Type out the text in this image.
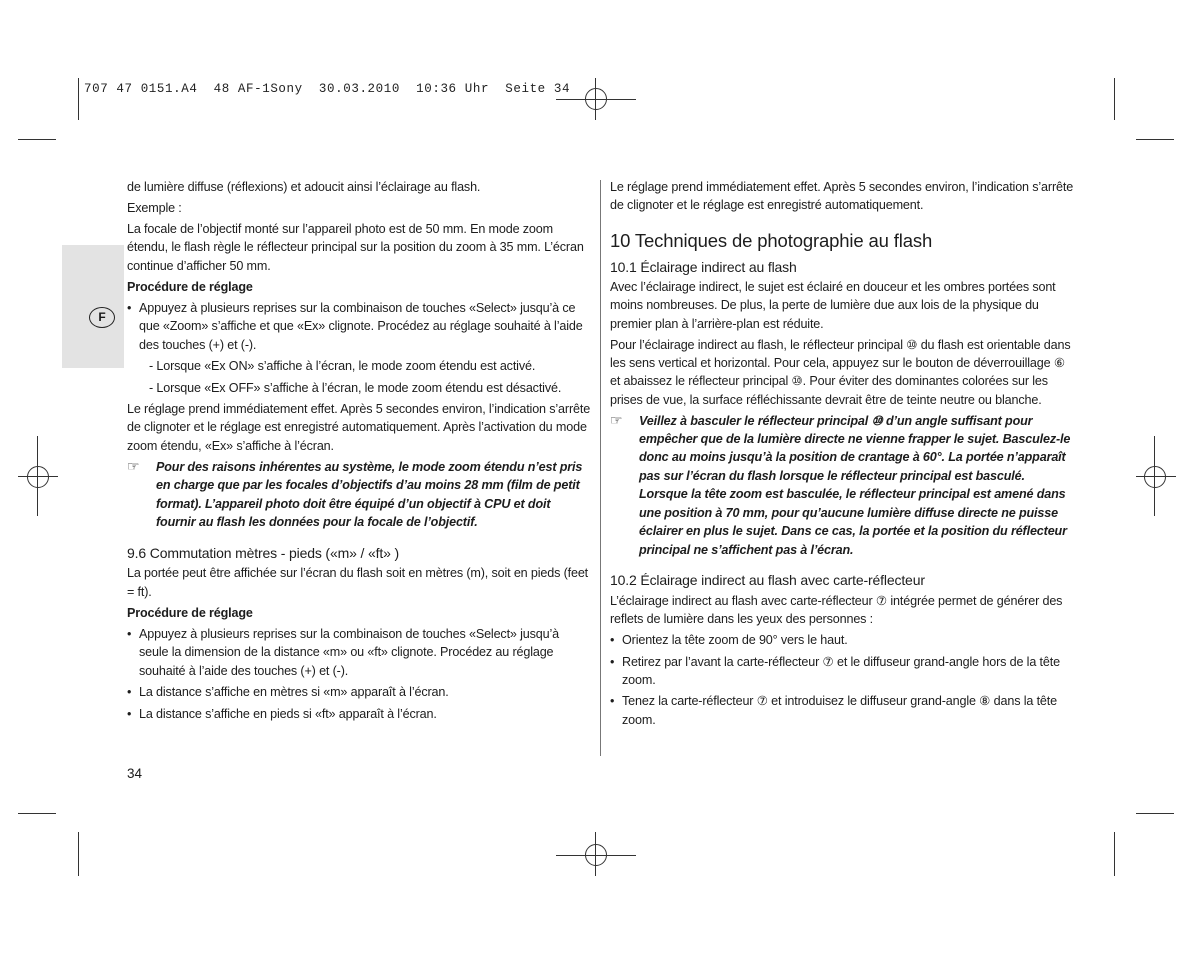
707 47 0151.A4  48 AF-1Sony  30.03.2010  10:36 Uhr  Seite 34
F

de lumière diffuse (réflexions) et adoucit ainsi l’éclairage au flash.

Exemple :

La focale de l’objectif monté sur l’appareil photo est de 50 mm. En mode zoom étendu, le flash règle le réflecteur principal sur la position du zoom à 35 mm. L’écran continue d’afficher 50 mm.

Procédure de réglage

• Appuyez à plusieurs reprises sur la combinaison de touches «Select» jusqu’à ce que «Zoom» s’affiche et que «Ex» clignote. Procédez au réglage souhaité à l’aide des touches (+) et (-).
- Lorsque «Ex ON» s’affiche à l’écran, le mode zoom étendu est activé.
- Lorsque «Ex OFF» s’affiche à l’écran, le mode zoom étendu est désactivé.

Le réglage prend immédiatement effet. Après 5 secondes environ, l’indication s’arrête de clignoter et le réglage est enregistré automatiquement. Après l’activation du mode zoom étendu, «Ex» s’affiche à l’écran.

☞ Pour des raisons inhérentes au système, le mode zoom étendu n’est pris en charge que par les focales d’objectifs d’au moins 28 mm (film de petit format). L’appareil photo doit être équipé d’un objectif à CPU et doit fournir au flash les données pour la focale de l’objectif.
9.6 Commutation mètres - pieds («m» / «ft» )

La portée peut être affichée sur l’écran du flash soit en mètres (m), soit en pieds (feet = ft).

Procédure de réglage

• Appuyez à plusieurs reprises sur la combinaison de touches «Select» jusqu’à seule la dimension de la distance «m» ou «ft» clignote. Procédez au réglage souhaité à l’aide des touches (+) et (-).
• La distance s’affiche en mètres si «m» apparaît à l’écran.
• La distance s’affiche en pieds si «ft» apparaît à l’écran.

Le réglage prend immédiatement effet. Après 5 secondes environ, l’indication s’arrête de clignoter et le réglage est enregistré automatiquement.

10 Techniques de photographie au flash
10.1 Éclairage indirect au flash

Avec l’éclairage indirect, le sujet est éclairé en douceur et les ombres portées sont moins nombreuses. De plus, la perte de lumière due aux lois de la physique du premier plan à l’arrière-plan est réduite.

Pour l’éclairage indirect au flash, le réflecteur principal ⑩ du flash est orientable dans les sens vertical et horizontal. Pour cela, appuyez sur le bouton de déverrouillage ⑥ et abaissez le réflecteur principal ⑩. Pour éviter des dominantes colorées sur les prises de vue, la surface réfléchissante devrait être de teinte neutre ou blanche.

☞ Veillez à basculer le réflecteur principal ⑩ d’un angle suffisant pour empêcher que de la lumière directe ne vienne frapper le sujet. Basculez-le donc au moins jusqu’à la position de crantage à 60°. La portée n’apparaît pas sur l’écran du flash lorsque le réflecteur principal est basculé. Lorsque la tête zoom est basculée, le réflecteur principal est amené dans une position à 70 mm, pour qu’aucune lumière diffuse directe ne puisse éclairer en plus le sujet. Dans ce cas, la portée et la position du réflecteur principal ne s’affichent pas à l’écran.
10.2 Éclairage indirect au flash avec carte-réflecteur

L’éclairage indirect au flash avec carte-réflecteur ⑦ intégrée permet de générer des reflets de lumière dans les yeux des personnes :

• Orientez la tête zoom de 90° vers le haut.
• Retirez par l’avant la carte-réflecteur ⑦ et le diffuseur grand-angle hors de la tête zoom.
• Tenez la carte-réflecteur ⑦ et introduisez le diffuseur grand-angle ⑧ dans la tête zoom.
34
